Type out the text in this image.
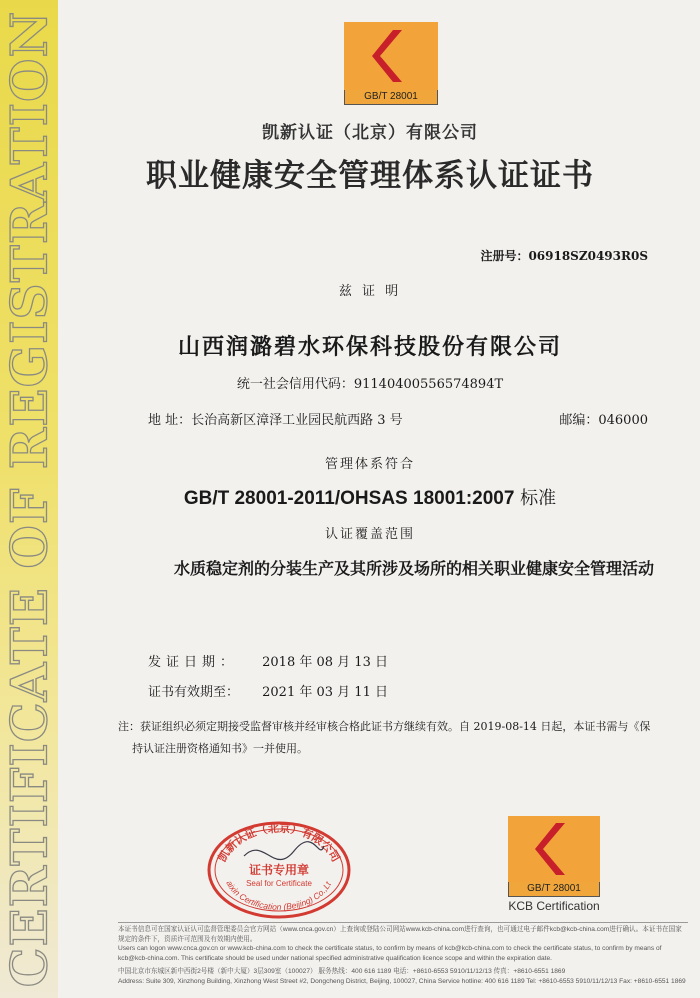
CERTIFICATE OF REGISTRATION	GB/T 28001
凯新认证（北京）有限公司
职业健康安全管理体系认证证书
注册号：06918SZ0493R0S
兹 证 明
山西润潞碧水环保科技股份有限公司
统一社会信用代码：91140400556574894T
地 址：长治高新区漳泽工业园民航西路 3 号	邮编：046000
管理体系符合
GB/T 28001-2011/OHSAS 18001:2007 标准
认证覆盖范围
水质稳定剂的分装生产及其所涉及场所的相关职业健康安全管理活动
发证日期： 2018 年 08 月 13 日
证书有效期至： 2021 年 03 月 11 日
注：获证组织必须定期接受监督审核并经审核合格此证书方继续有效。自 2019-08-14 日起，本证书需与《保
持认证注册资格通知书》一并使用。
凯新认证（北京）有限公司
证书专用章
Seal for Certificate
aixin Certification (Beijing) Co.,Lt	GB/T 28001
KCB Certification
本证书信息可在国家认证认可监督管理委员会官方网站（www.cnca.gov.cn）上查询或登陆公司网站www.kcb-china.com进行查询，也可通过电子邮件kcb@kcb-china.com进行确认。本证书在国家规定的条件下，资质许可范围及有效期内使用。
Users can logon www.cnca.gov.cn or www.kcb-china.com to check the certificate status, to confirm by means of kcb@kcb-china.com to check the certificate status, to confirm by means of kcb@kcb-china.com. This certificate should be used under national specified administrative qualification licence scope and within the expiration date.
中国北京市东城区新中西街2号楼（新中大厦）3层309室（100027） 服务热线：400 616 1189 电话：+8610-6553 5910/11/12/13 传真：+8610-6551 1869
Address: Suite 309, Xinzhong Building, Xinzhong West Street #2, Dongcheng District, Beijing, 100027, China Service hotline: 400 616 1189 Tel: +8610-6553 5910/11/12/13 Fax: +8610-6551 1869
